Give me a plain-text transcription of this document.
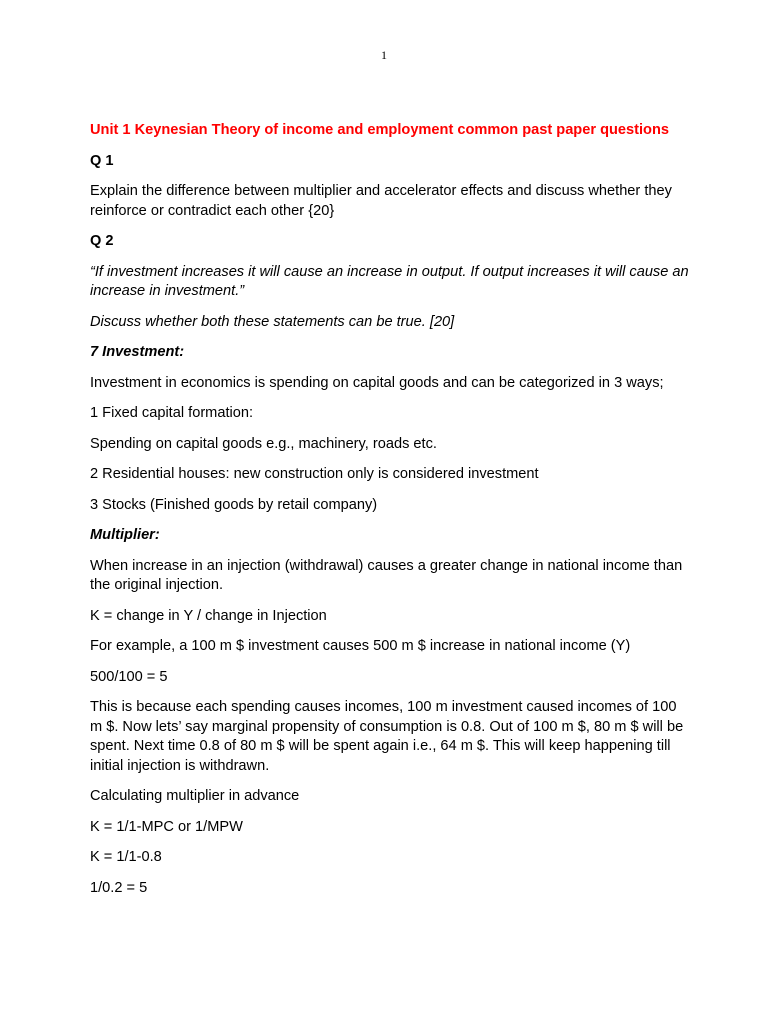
1

Unit 1 Keynesian Theory of income and employment common past paper questions

Q 1

Explain the difference between multiplier and accelerator effects and discuss whether they reinforce or contradict each other {20}

Q 2

“If investment increases it will cause an increase in output. If output increases it will cause an increase in investment.”

Discuss whether both these statements can be true. [20]

7 Investment:

Investment in economics is spending on capital goods and can be categorized in 3 ways;

1 Fixed capital formation:

Spending on capital goods e.g., machinery, roads etc.

2 Residential houses: new construction only is considered investment

3 Stocks (Finished goods by retail company)

Multiplier:

When increase in an injection (withdrawal) causes a greater change in national income than the original injection.

K = change in Y / change in Injection

For example, a 100 m $ investment causes 500 m $ increase in national income (Y)

500/100 = 5

This is because each spending causes incomes, 100 m investment caused incomes of 100 m $. Now lets’ say marginal propensity of consumption is 0.8. Out of 100 m $, 80 m $ will be spent. Next time 0.8 of 80 m $ will be spent again i.e., 64 m $. This will keep happening till initial injection is withdrawn.

Calculating multiplier in advance

K = 1/1-MPC or 1/MPW

K = 1/1-0.8

1/0.2 = 5
